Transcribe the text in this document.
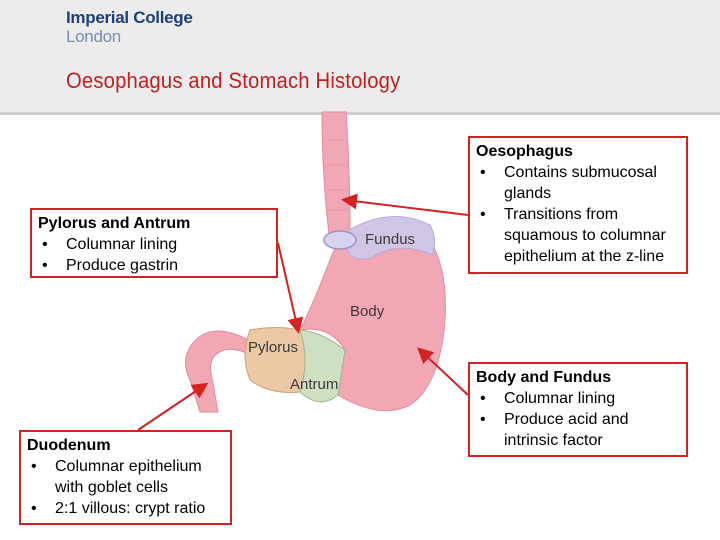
Imperial College
London
Oesophagus and Stomach Histology
Fundus
Body
Pylorus
Antrum
Pylorus and Antrum
• Columnar lining
• Produce gastrin
Oesophagus
• Contains submucosal glands
• Transitions from squamous to columnar epithelium at the z-line
Body and Fundus
• Columnar lining
• Produce acid and intrinsic factor
Duodenum
• Columnar epithelium with goblet cells
• 2:1 villous: crypt ratio
